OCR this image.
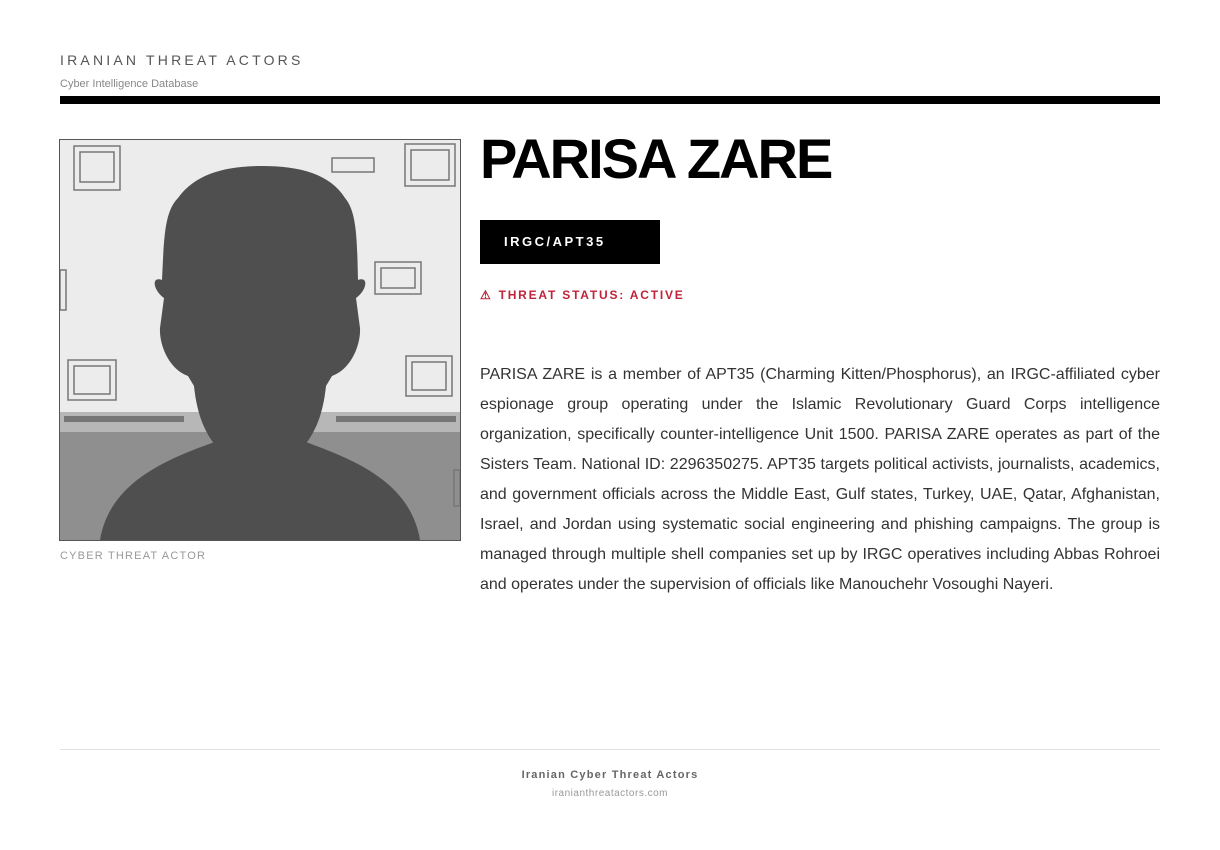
IRANIAN THREAT ACTORS
Cyber Intelligence Database
CYBER THREAT ACTOR
PARISA ZARE
IRGC/APT35
⚠ THREAT STATUS: ACTIVE

PARISA ZARE is a member of APT35 (Charming Kitten/Phosphorus), an IRGC-affiliated cyber espionage group operating under the Islamic Revolutionary Guard Corps intelligence organization, specifically counter-intelligence Unit 1500. PARISA ZARE operates as part of the Sisters Team. National ID: 2296350275. APT35 targets political activists, journalists, academics, and government officials across the Middle East, Gulf states, Turkey, UAE, Qatar, Afghanistan, Israel, and Jordan using systematic social engineering and phishing campaigns. The group is managed through multiple shell companies set up by IRGC operatives including Abbas Rohroei and operates under the supervision of officials like Manouchehr Vosoughi Nayeri.

Iranian Cyber Threat Actors
iranianthreatactors.com
